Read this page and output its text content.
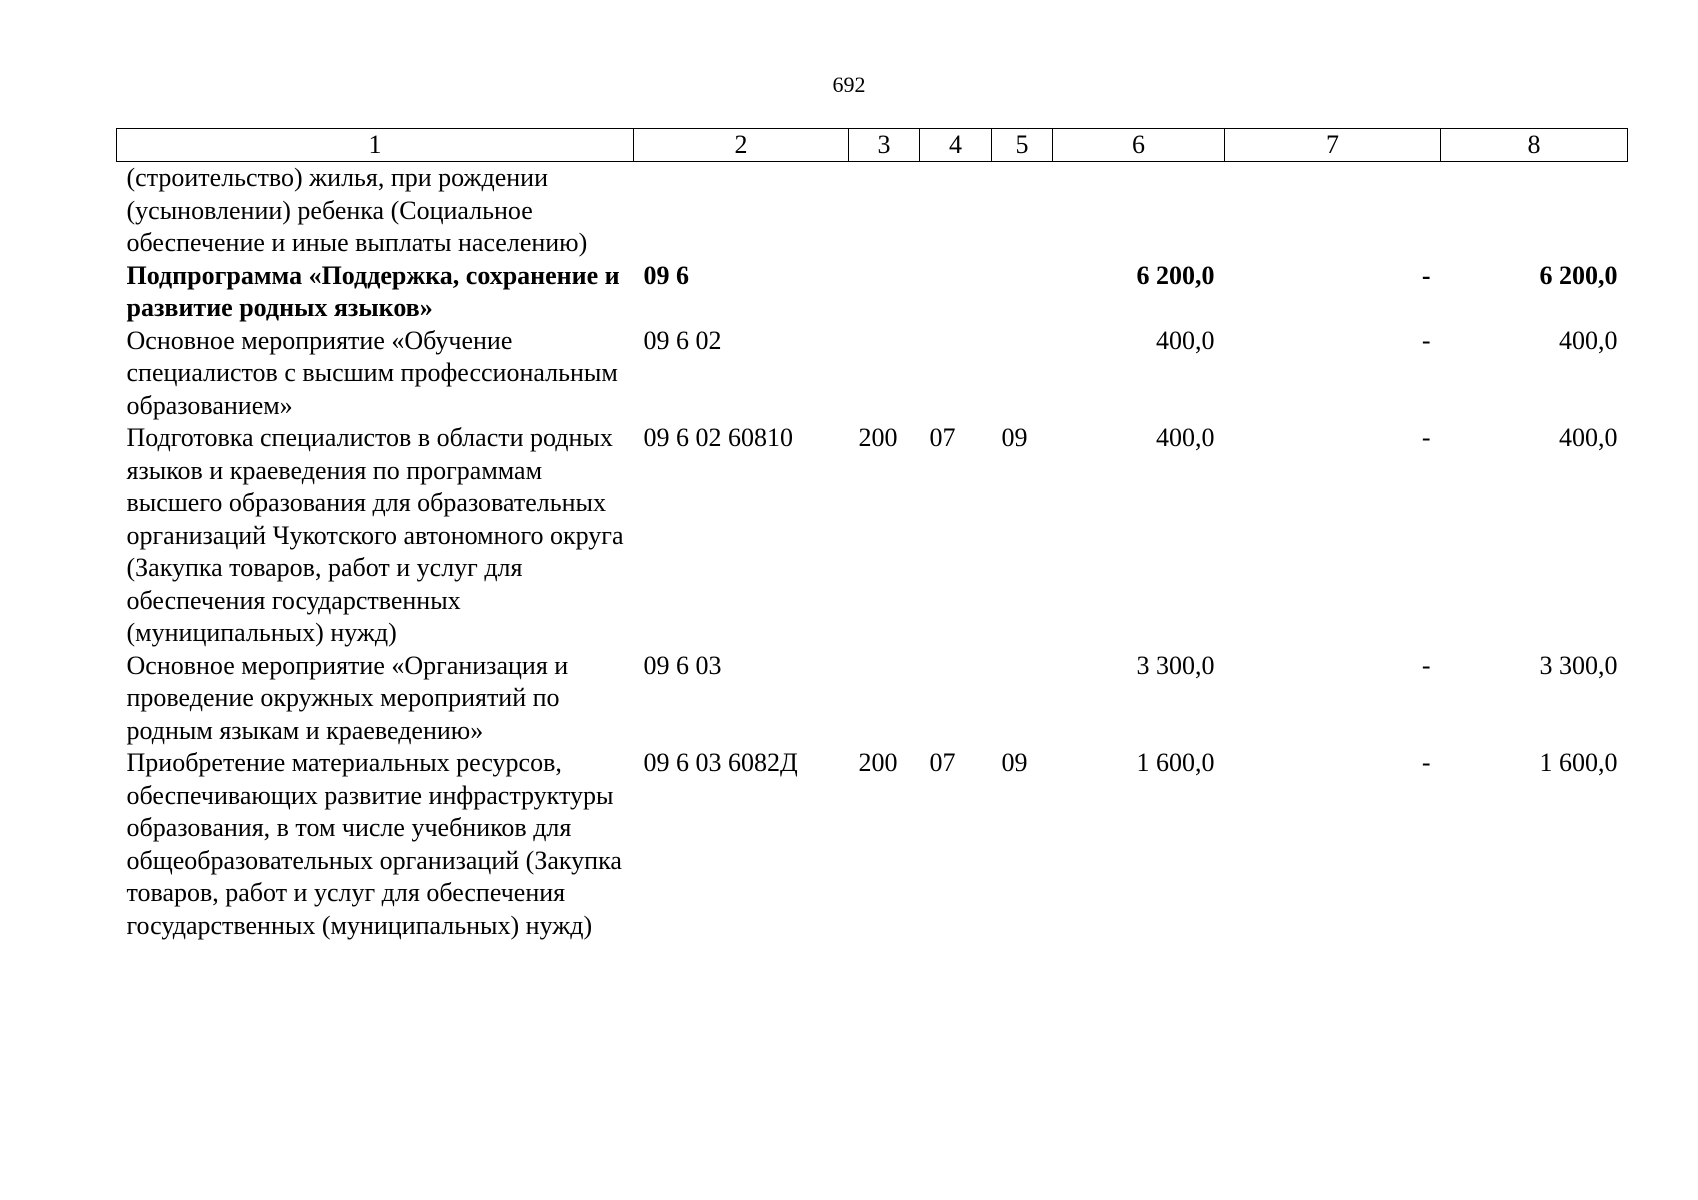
692
1	2	3	4	5	6	7	8
(строительство) жилья, при рождении (усыновлении) ребенка (Социальное обеспечение и иные выплаты населению)							
Подпрограмма «Поддержка, сохранение и развитие родных языков»	09 6				6 200,0	-	6 200,0
Основное мероприятие «Обучение специалистов с высшим профессиональным образованием»	09 6 02				400,0	-	400,0
Подготовка специалистов в области родных языков и краеведения по программам высшего образования для образовательных организаций Чукотского автономного округа (Закупка товаров, работ и услуг для обеспечения государственных (муниципальных) нужд)	09 6 02 60810	200	07	09	400,0	-	400,0
Основное мероприятие «Организация и проведение окружных мероприятий по родным языкам и краеведению»	09 6 03				3 300,0	-	3 300,0
Приобретение материальных ресурсов, обеспечивающих развитие инфраструктуры образования, в том числе учебников для общеобразовательных организаций (Закупка товаров, работ и услуг для обеспечения государственных (муниципальных) нужд)	09 6 03 6082Д	200	07	09	1 600,0	-	1 600,0
